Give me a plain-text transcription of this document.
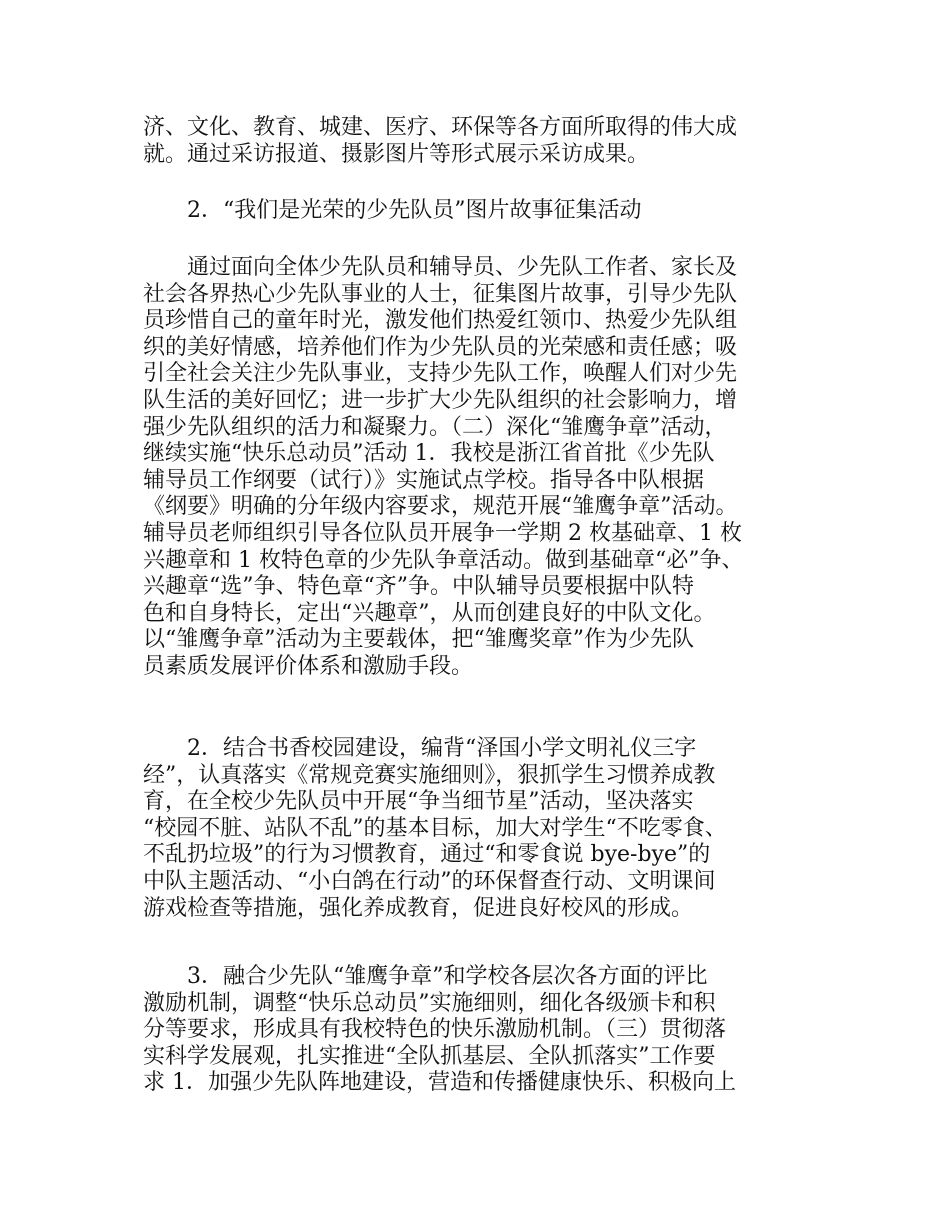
济、文化、教育、城建、医疗、环保等各方面所取得的伟大成
就。通过采访报道、摄影图片等形式展示采访成果。
2．“我们是光荣的少先队员”图片故事征集活动
通过面向全体少先队员和辅导员、少先队工作者、家长及
社会各界热心少先队事业的人士，征集图片故事，引导少先队
员珍惜自己的童年时光，激发他们热爱红领巾、热爱少先队组
织的美好情感，培养他们作为少先队员的光荣感和责任感；吸
引全社会关注少先队事业，支持少先队工作，唤醒人们对少先
队生活的美好回忆；进一步扩大少先队组织的社会影响力，增
强少先队组织的活力和凝聚力。（二）深化“雏鹰争章”活动，
继续实施“快乐总动员”活动 1．我校是浙江省首批《少先队
辅导员工作纲要（试行）》实施试点学校。指导各中队根据
《纲要》明确的分年级内容要求，规范开展“雏鹰争章”活动。
辅导员老师组织引导各位队员开展争一学期 2 枚基础章、1 枚
兴趣章和 1 枚特色章的少先队争章活动。做到基础章“必”争、
兴趣章“选”争、特色章“齐”争。中队辅导员要根据中队特
色和自身特长，定出“兴趣章”，从而创建良好的中队文化。
以“雏鹰争章”活动为主要载体，把“雏鹰奖章”作为少先队
员素质发展评价体系和激励手段。
2．结合书香校园建设，编背“泽国小学文明礼仪三字
经”，认真落实《常规竞赛实施细则》，狠抓学生习惯养成教
育，在全校少先队员中开展“争当细节星”活动，坚决落实
“校园不脏、站队不乱”的基本目标，加大对学生“不吃零食、
不乱扔垃圾”的行为习惯教育，通过“和零食说 bye-bye”的
中队主题活动、“小白鸽在行动”的环保督查行动、文明课间
游戏检查等措施，强化养成教育，促进良好校风的形成。
3．融合少先队“雏鹰争章”和学校各层次各方面的评比
激励机制，调整“快乐总动员”实施细则，细化各级颁卡和积
分等要求，形成具有我校特色的快乐激励机制。（三）贯彻落
实科学发展观，扎实推进“全队抓基层、全队抓落实”工作要
求 1．加强少先队阵地建设，营造和传播健康快乐、积极向上
